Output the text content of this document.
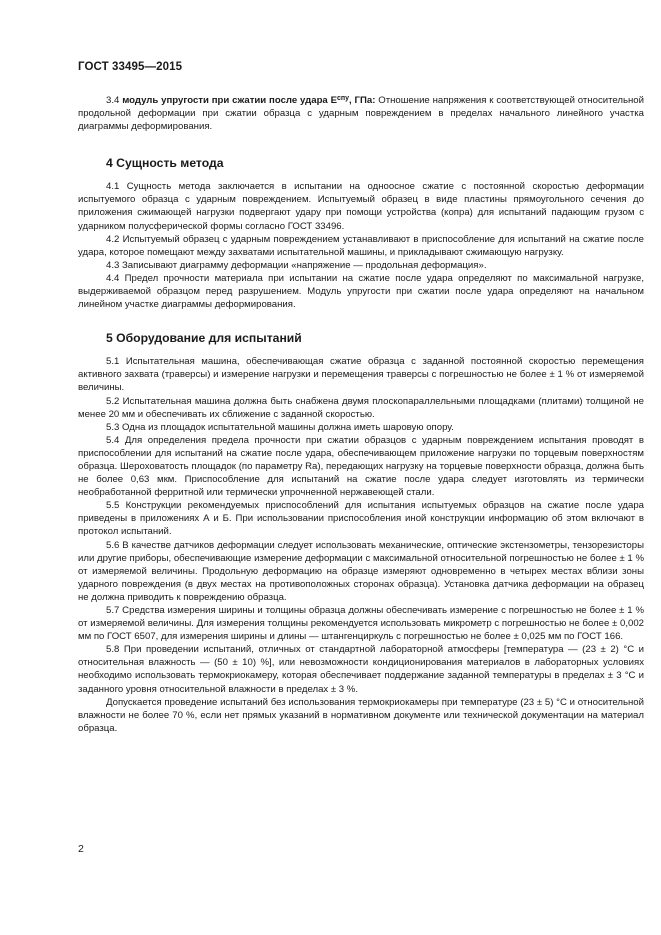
ГОСТ 33495—2015

3.4 модуль упругости при сжатии после удара $E^{спу}$, ГПа: Отношение напряжения к соответствующей относительной продольной деформации при сжатии образца с ударным повреждением в пределах начального линейного участка диаграммы деформирования.

4 Сущность метода

4.1 Сущность метода заключается в испытании на одноосное сжатие с постоянной скоростью деформации испытуемого образца с ударным повреждением. Испытуемый образец в виде пластины прямоугольного сечения до приложения сжимающей нагрузки подвергают удару при помощи устройства (копра) для испытаний падающим грузом с ударником полусферической формы согласно ГОСТ 33496.

4.2 Испытуемый образец с ударным повреждением устанавливают в приспособление для испытаний на сжатие после удара, которое помещают между захватами испытательной машины, и прикладывают сжимающую нагрузку.

4.3 Записывают диаграмму деформации «напряжение — продольная деформация».

4.4 Предел прочности материала при испытании на сжатие после удара определяют по максимальной нагрузке, выдерживаемой образцом перед разрушением. Модуль упругости при сжатии после удара определяют на начальном линейном участке диаграммы деформирования.

5 Оборудование для испытаний

5.1 Испытательная машина, обеспечивающая сжатие образца с заданной постоянной скоростью перемещения активного захвата (траверсы) и измерение нагрузки и перемещения траверсы с погрешностью не более ± 1 % от измеряемой величины.

5.2 Испытательная машина должна быть снабжена двумя плоскопараллельными площадками (плитами) толщиной не менее 20 мм и обеспечивать их сближение с заданной скоростью.

5.3 Одна из площадок испытательной машины должна иметь шаровую опору.

5.4 Для определения предела прочности при сжатии образцов с ударным повреждением испытания проводят в приспособлении для испытаний на сжатие после удара, обеспечивающем приложение нагрузки по торцевым поверхностям образца. Шероховатость площадок (по параметру Ra), передающих нагрузку на торцевые поверхности образца, должна быть не более 0,63 мкм. Приспособление для испытаний на сжатие после удара следует изготовлять из термически необработанной ферритной или термически упрочненной нержавеющей стали.

5.5 Конструкции рекомендуемых приспособлений для испытания испытуемых образцов на сжатие после удара приведены в приложениях А и Б. При использовании приспособления иной конструкции информацию об этом включают в протокол испытаний.

5.6 В качестве датчиков деформации следует использовать механические, оптические экстензометры, тензорезисторы или другие приборы, обеспечивающие измерение деформации с максимальной относительной погрешностью не более ± 1 % от измеряемой величины. Продольную деформацию на образце измеряют одновременно в четырех местах вблизи зоны ударного повреждения (в двух местах на противоположных сторонах образца). Установка датчика деформации на образец не должна приводить к повреждению образца.

5.7 Средства измерения ширины и толщины образца должны обеспечивать измерение с погрешностью не более ± 1 % от измеряемой величины. Для измерения толщины рекомендуется использовать микрометр с погрешностью не более ± 0,002 мм по ГОСТ 6507, для измерения ширины и длины — штангенциркуль с погрешностью не более ± 0,025 мм по ГОСТ 166.

5.8 При проведении испытаний, отличных от стандартной лабораторной атмосферы [температура — (23 ± 2) °С и относительная влажность — (50 ± 10) %], или невозможности кондиционирования материалов в лабораторных условиях необходимо использовать термокриокамеру, которая обеспечивает поддержание заданной температуры в пределах ± 3 °С и заданного уровня относительной влажности в пределах ± 3 %.

Допускается проведение испытаний без использования термокриокамеры при температуре (23 ± 5) °С и относительной влажности не более 70 %, если нет прямых указаний в нормативном документе или технической документации на материал образца.

2
